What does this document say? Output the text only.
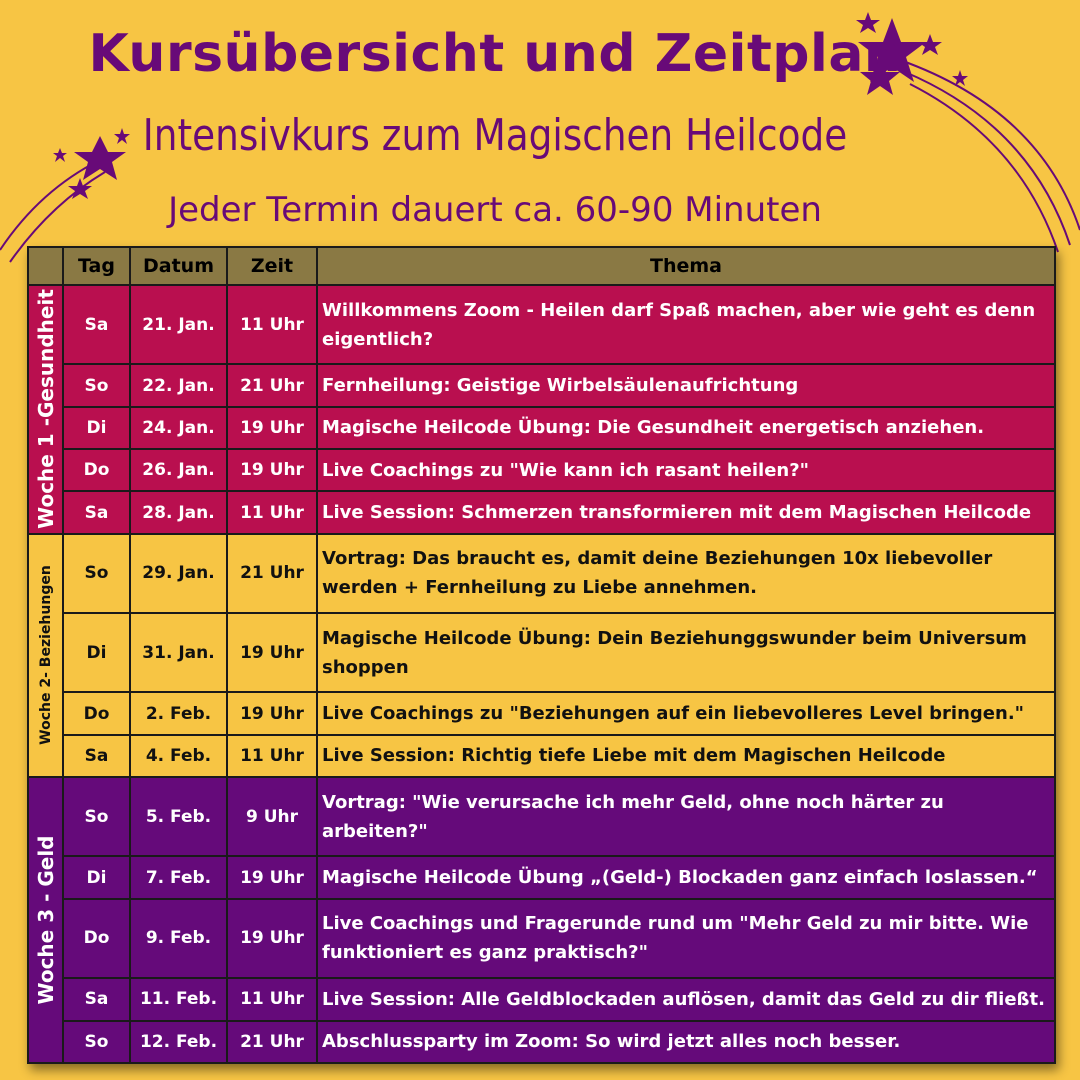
Kursübersicht und Zeitplan
Intensivkurs zum Magischen Heilcode
Jeder Termin dauert ca. 60-90 Minuten
	Tag	Datum	Zeit	Thema

Woche 1 -Gesundheit	Sa	21. Jan.	11 Uhr	Willkommens Zoom - Heilen darf Spaß machen, aber wie geht es denn eigentlich?
	So	22. Jan.	21 Uhr	Fernheilung: Geistige Wirbelsäulenaufrichtung
	Di	24. Jan.	19 Uhr	Magische Heilcode Übung: Die Gesundheit energetisch anziehen.
	Do	26. Jan.	19 Uhr	Live Coachings zu "Wie kann ich rasant heilen?"
	Sa	28. Jan.	11 Uhr	Live Session: Schmerzen transformieren mit dem Magischen Heilcode

Woche 2- Beziehungen	So	29. Jan.	21 Uhr	Vortrag: Das braucht es, damit deine Beziehungen 10x liebevoller werden + Fernheilung zu Liebe annehmen.
	Di	31. Jan.	19 Uhr	Magische Heilcode Übung: Dein Beziehunggswunder beim Universum shoppen
	Do	2. Feb.	19 Uhr	Live Coachings zu "Beziehungen auf ein liebevolleres Level bringen."
	Sa	4. Feb.	11 Uhr	Live Session: Richtig tiefe Liebe mit dem Magischen Heilcode

Woche 3 - Geld	So	5. Feb.	9 Uhr	Vortrag: "Wie verursache ich mehr Geld, ohne noch härter zu arbeiten?"
	Di	7. Feb.	19 Uhr	Magische Heilcode Übung „(Geld-) Blockaden ganz einfach loslassen.“
	Do	9. Feb.	19 Uhr	Live Coachings und Fragerunde rund um "Mehr Geld zu mir bitte. Wie funktioniert es ganz praktisch?"
	Sa	11. Feb.	11 Uhr	Live Session: Alle Geldblockaden auflösen, damit das Geld zu dir fließt.
	So	12. Feb.	21 Uhr	Abschlussparty im Zoom: So wird jetzt alles noch besser.
